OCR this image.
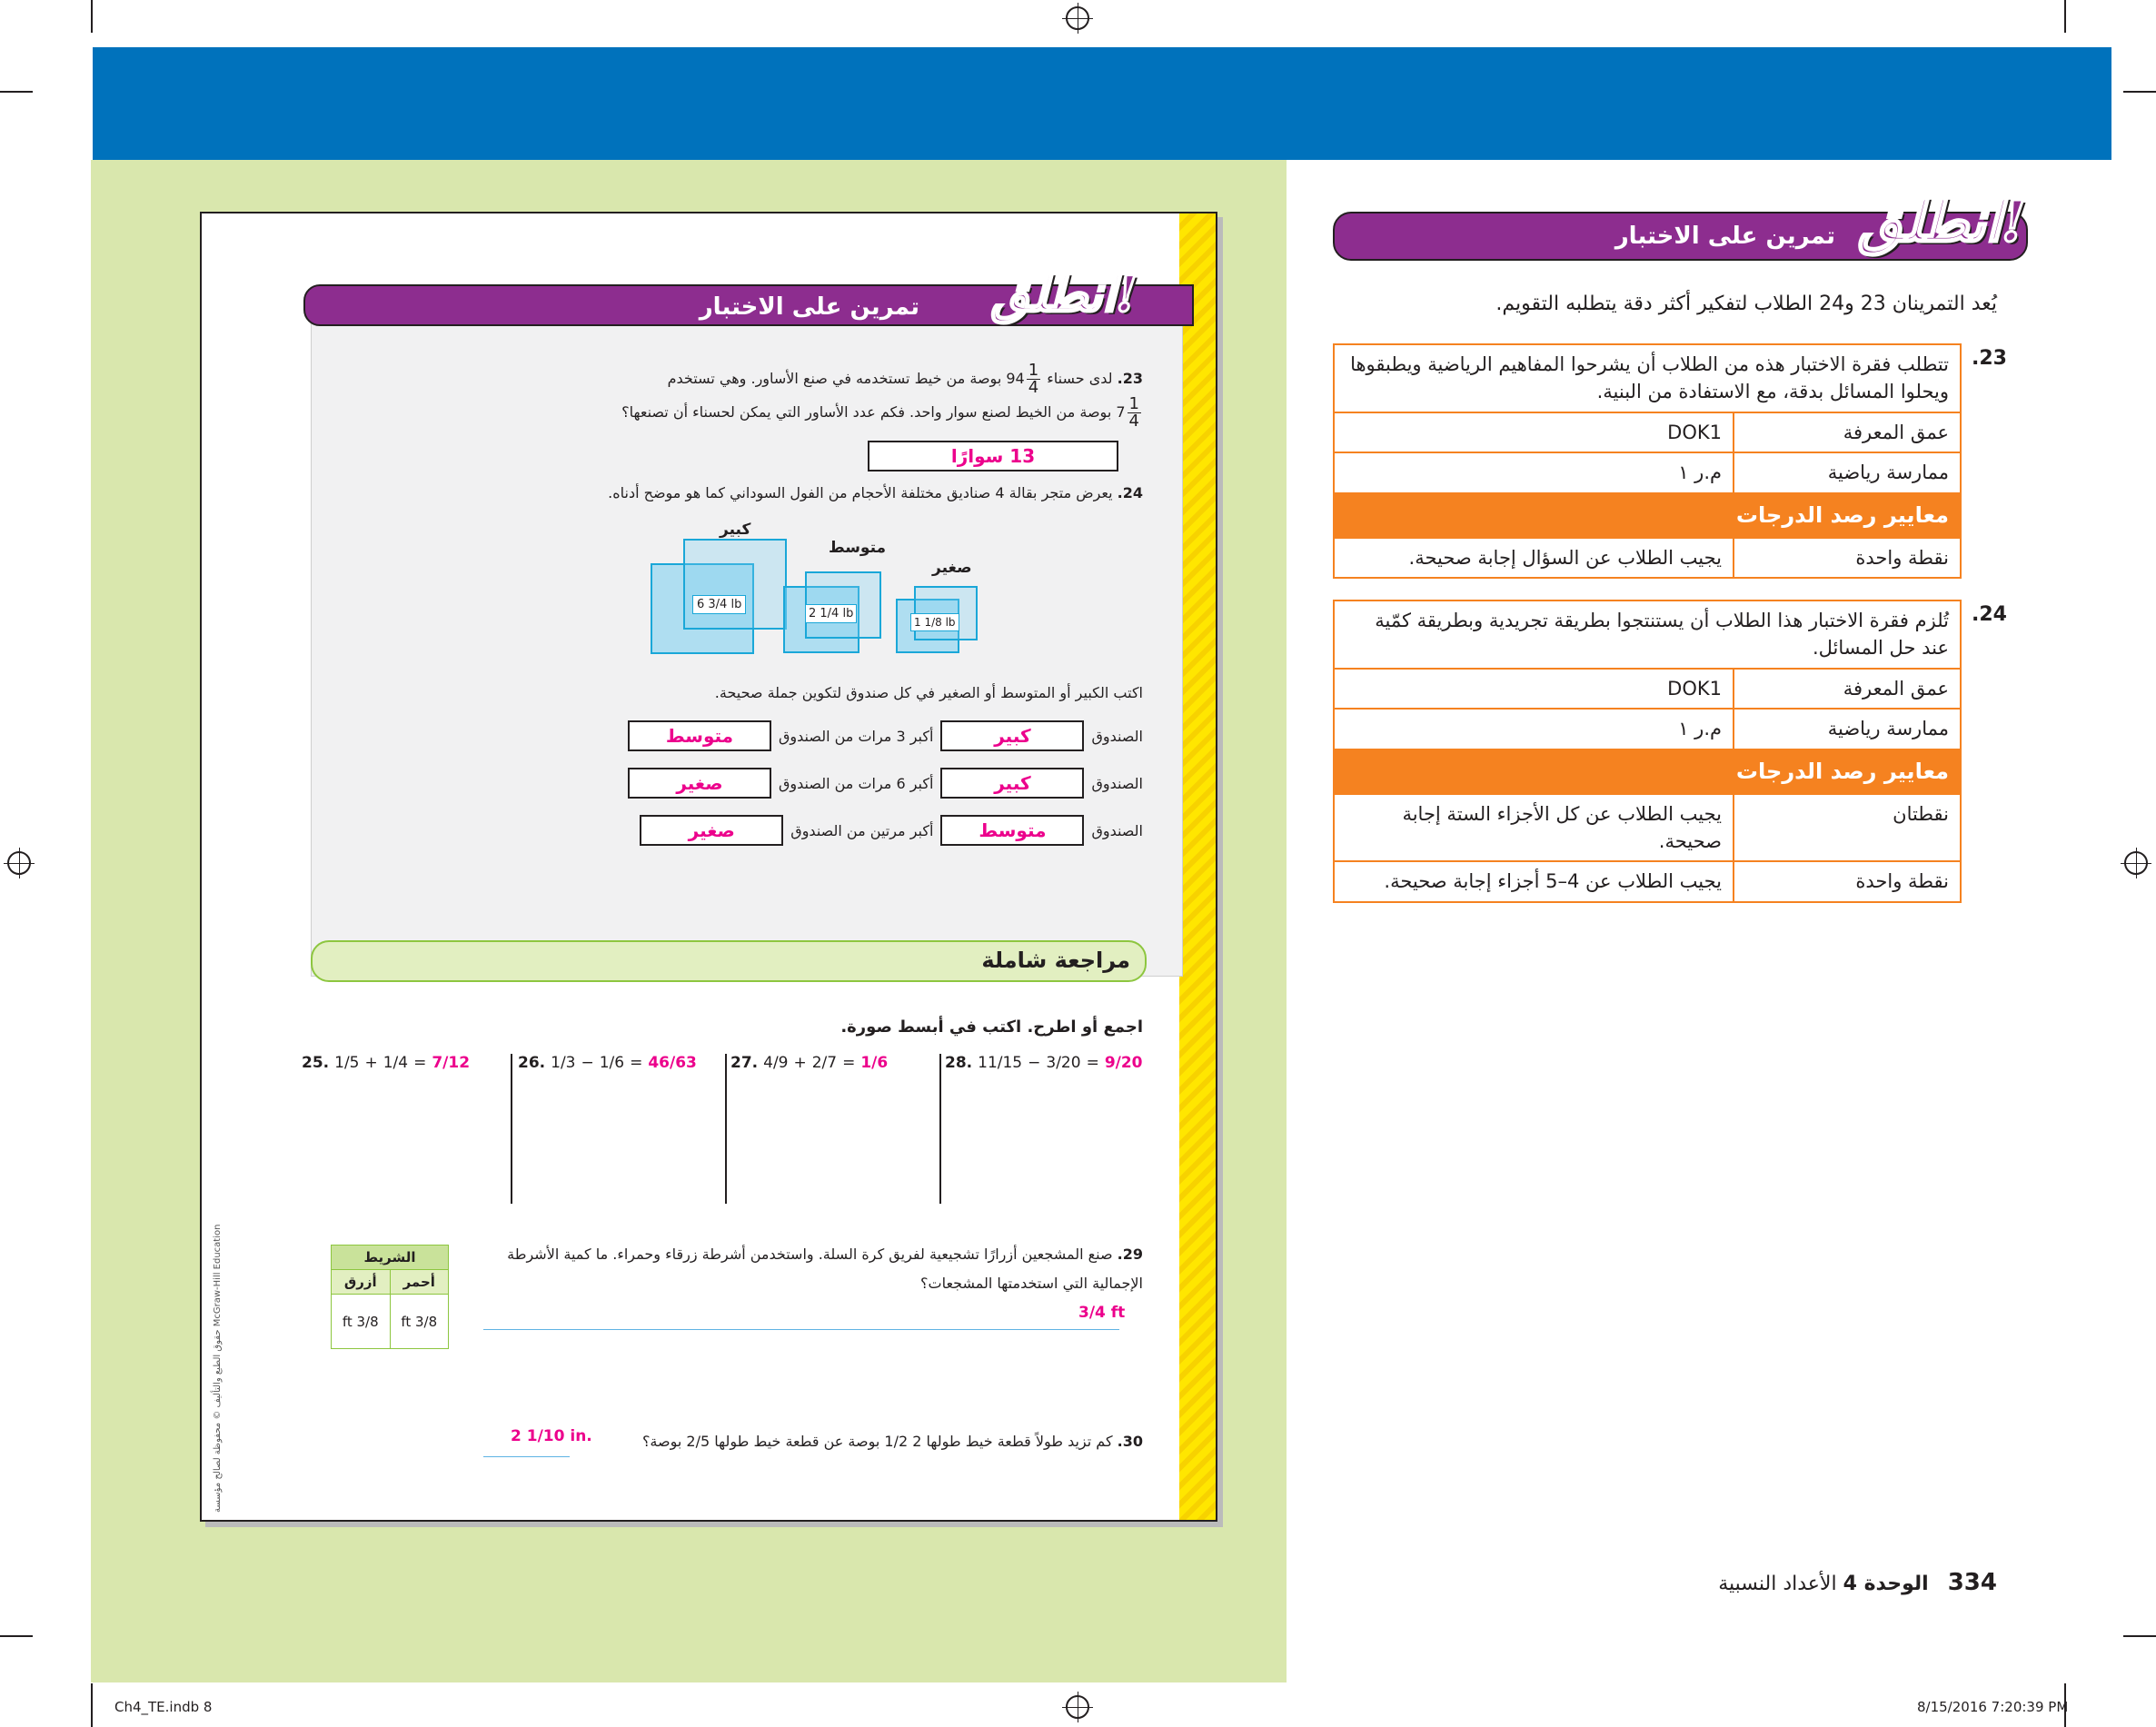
تمرين على الاختبار انطلق!
يُعد التمرينان 23 و24 الطلاب لتفكير أكثر دقة يتطلبه التقويم.
23.
تتطلب فقرة الاختبار هذه من الطلاب أن يشرحوا المفاهيم الرياضية ويطبقوها ويحلوا المسائل بدقة، مع الاستفادة من البنية.	
عمق المعرفة	DOK1
ممارسة رياضية	م.ر ١
معايير رصد الدرجات	
نقطة واحدة	يجيب الطلاب عن السؤال إجابة صحيحة.
24.
تُلزم فقرة الاختبار هذا الطلاب أن يستنتجوا بطريقة تجريدية وبطريقة كمّية عند حل المسائل.	
عمق المعرفة	DOK1
ممارسة رياضية	م.ر ١
معايير رصد الدرجات	
نقطتان	يجيب الطلاب عن كل الأجزاء الستة إجابة صحيحة.
نقطة واحدة	يجيب الطلاب عن 4–5 أجزاء إجابة صحيحة.
334 الوحدة 4 الأعداد النسبية
Ch4_TE.indb 8	8/15/2016 7:20:39 PM
تمرين على الاختبار انطلق!
23. لدى حسناء $94 \frac{1}{4}$
بوصة من خيط تستخدمه في صنع الأساور. وهي تستخدم
$7 \frac{1}{4}$
بوصة من الخيط لصنع سوار واحد. فكم عدد الأساور التي يمكن لحسناء أن تصنعها؟
13 سوارًا
24. يعرض متجر بقالة 4 صناديق مختلفة الأحجام من الفول السوداني كما هو موضح أدناه.
كبير
متوسط
صغير
6 3/4 lb
2 1/4 lb
1 1/8 lb
اكتب الكبير أو المتوسط أو الصغير في كل صندوق لتكوين جملة صحيحة.
الصندوق
كبير
أكبر 3 مرات من الصندوق
متوسط
الصندوق
كبير
أكبر 6 مرات من الصندوق
صغير
الصندوق
متوسط
أكبر مرتين من الصندوق
صغير
مراجعة شاملة
اجمع أو اطرح. اكتب في أبسط صورة.
25. 1/5 + 1/4 = 7/12	26. 1/3 − 1/6 = 46/63 27. 4/9 + 2/7 = 1/6	28. 11/15 − 3/20 = 9/20
29. صنع المشجعين أزرارًا تشجيعية لفريق كرة السلة. واستخدمن أشرطة زرقاء وحمراء. ما كمية الأشرطة الإجمالية التي استخدمتها المشجعات؟
3/4 ft
الشريط	
أحمر	أزرق
3/8 ft	3/8 ft
30. كم تزيد طولاً قطعة خيط طولها 2 1/2 بوصة عن قطعة خيط طولها 2/5 بوصة؟
2 1/10 in.
حقوق الطبع والتأليف © محفوظة لصالح مؤسسة McGraw-Hill Education
